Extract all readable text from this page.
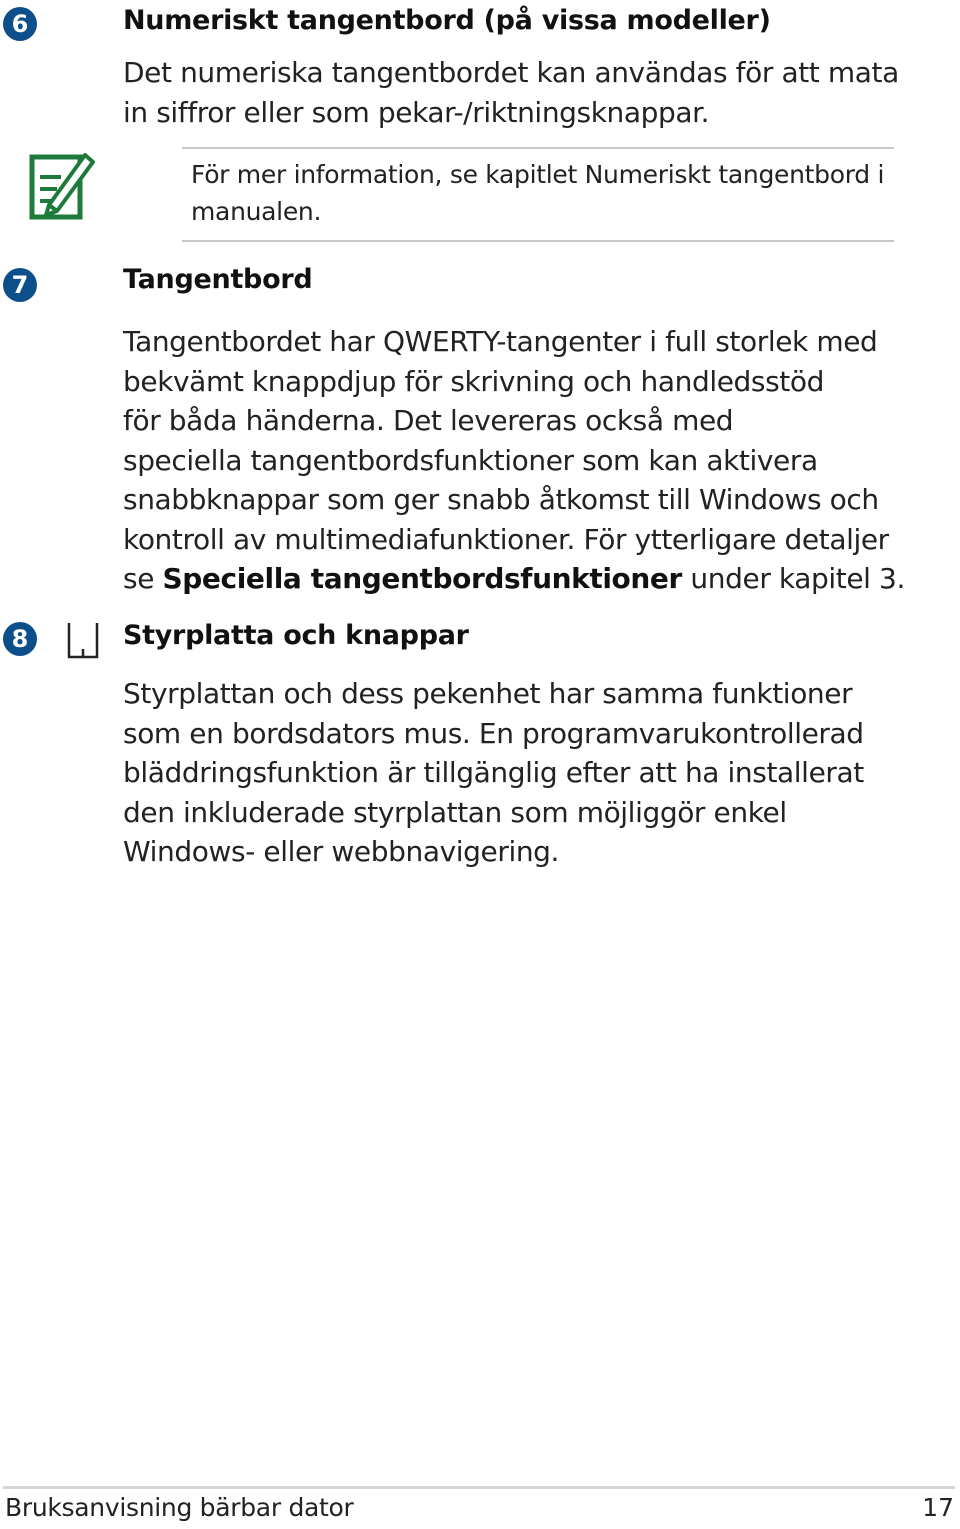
6	Numeriskt tangentbord (på vissa modeller)

Det numeriska tangentbordet kan användas för att mata
in siffror eller som pekar-/riktningsknappar.

För mer information, se kapitlet Numeriskt tangentbord i
manualen.

7	Tangentbord

Tangentbordet har QWERTY-tangenter i full storlek med
bekvämt knappdjup för skrivning och handledsstöd
för båda händerna. Det levereras också med
speciella tangentbordsfunktioner som kan aktivera
snabbknappar som ger snabb åtkomst till Windows och
kontroll av multimediafunktioner. För ytterligare detaljer
se Speciella tangentbordsfunktioner under kapitel 3.

8	Styrplatta och knappar

Styrplattan och dess pekenhet har samma funktioner
som en bordsdators mus. En programvarukontrollerad
bläddringsfunktion är tillgänglig efter att ha installerat
den inkluderade styrplattan som möjliggör enkel
Windows- eller webbnavigering.

Bruksanvisning bärbar dator	17
